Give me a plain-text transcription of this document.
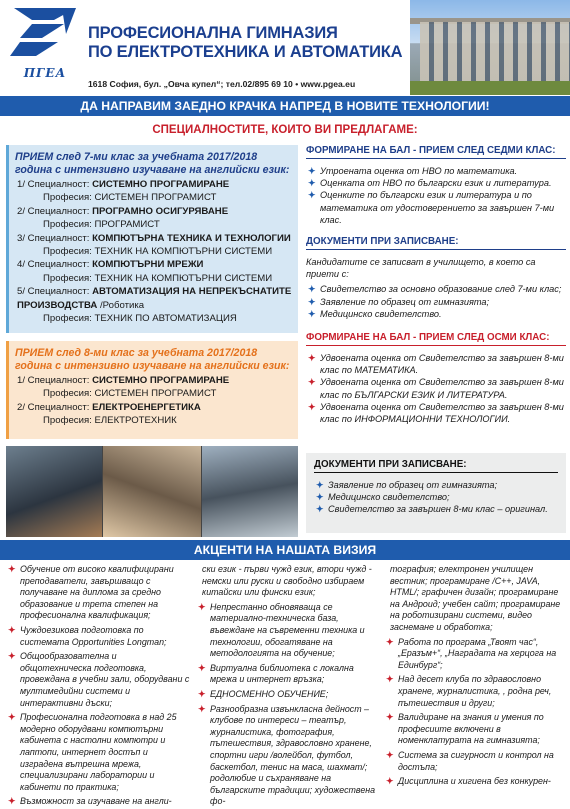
ПГЕА
ПРОФЕСИОНАЛНА ГИМНАЗИЯ
ПО ЕЛЕКТРОТЕХНИКА И АВТОМАТИКА
1618 София, бул. „Овча купел“; тел.02/895 69 10 • www.pgea.eu
ДА НАПРАВИМ ЗАЕДНО КРАЧКА НАПРЕД В НОВИТЕ ТЕХНОЛОГИИ!
СПЕЦИАЛНОСТИТЕ, КОИТО ВИ ПРЕДЛАГАМЕ:
ПРИЕМ след 7-ми клас за учебната 2017/2018 година с интензивно изучаване на английски език:
1/ Специалност: СИСТЕМНО ПРОГРАМИРАНЕ
Професия: СИСТЕМЕН ПРОГРАМИСТ
2/ Специалност: ПРОГРАМНО ОСИГУРЯВАНЕ
Професия: ПРОГРАМИСТ
3/ Специалност: КОМПЮТЪРНА ТЕХНИКА И ТЕХНОЛОГИИ
Професия: ТЕХНИК НА КОМПЮТЪРНИ СИСТЕМИ
4/ Специалност: КОМПЮТЪРНИ МРЕЖИ
Професия: ТЕХНИК НА КОМПЮТЪРНИ СИСТЕМИ
5/ Специалност: АВТОМАТИЗАЦИЯ НА НЕПРЕКЪСНАТИТЕ ПРОИЗВОДСТВА /Роботика
Професия: ТЕХНИК ПО АВТОМАТИЗАЦИЯ
ПРИЕМ след 8-ми клас за учебната 2017/2018 година с интензивно изучаване на английски език:
1/ Специалност: СИСТЕМНО ПРОГРАМИРАНЕ
Професия: СИСТЕМЕН ПРОГРАМИСТ
2/ Специалност: ЕЛЕКТРОЕНЕРГЕТИКА
Професия: ЕЛЕКТРОТЕХНИК
ФОРМИРАНЕ НА БАЛ - ПРИЕМ СЛЕД СЕДМИ КЛАС:
✦ Утроената оценка от НВО по математика.
✦ Оценката от НВО по български език и литература.
✦ Оценките по български език и литература и по математика от удостоверението за завършен 7-ми клас.
ДОКУМЕНТИ ПРИ ЗАПИСВАНЕ:
Кандидатите се записват в училището, в което са приети с:
✦ Свидетелство за основно образование след 7-ми клас;
✦ Заявление по образец от гимназията;
✦ Медицинско свидетелство.
ФОРМИРАНЕ НА БАЛ - ПРИЕМ СЛЕД ОСМИ КЛАС:
✦ Удвоената оценка от Свидетелство за завършен 8-ми клас по МАТЕМАТИКА.
✦ Удвоената оценка от Свидетелство за завършен 8-ми клас по БЪЛГАРСКИ ЕЗИК И ЛИТЕРАТУРА.
✦ Удвоената оценка от Свидетелство за завършен 8-ми клас по ИНФОРМАЦИОННИ ТЕХНОЛОГИИ.
ДОКУМЕНТИ ПРИ ЗАПИСВАНЕ:
✦ Заявление по образец от гимназията;
✦ Медицинско свидетелство;
✦ Свидетелство за завършен 8-ми клас – оригинал.
АКЦЕНТИ НА НАШАТА ВИЗИЯ
✦ Обучение от високо квалифицирани преподаватели, завършващо с получаване на диплома за средно образование и трета степен на професионална квалификация;
✦ Чуждоезикова подготовка по системата Opportunities Longman;
✦ Общообразователна и общотехническа подготовка, провеждана в учебни зали, оборудвани с мултимедийни системи и интерактивни дъски;
✦ Професионална подготовка в над 25 модерно оборудвани компютърни кабинета с настолни компютри и лаптопи, интернет достъп и изградена вътрешна мрежа, специализирани лаборатории и кабинети по практика;
✦ Възможност за изучаване на англи-
ски език - първи чужд език, втори чужд - немски или руски и свободно избираем китайски или фински език;
✦ Непрестанно обновяваща се материално-техническа база, въвеждане на съвременни техника и технологии, обогатяване на методологията на обучение;
✦ Виртуална библиотека с локална мрежа и интернет връзка;
✦ ЕДНОСМЕННО ОБУЧЕНИЕ;
✦ Разнообразна извънкласна дейност – клубове по интереси – театър, журналистика, фотография, пътешествия, здравословно хранене, спортни игри /волейбол, футбол, баскетбол, тенис на маса, шахмат/; родолюбие и съхраняване на българските традиции; художествена фо-
тография; електронен училищен вестник; програмиране /C++, JAVA, HTML/; графичен дизайн; програмиране на Андроид; учебен сайт; програмиране на роботизирани системи, видео заснемане и обработка;
✦ Работа по програма „Твоят час“, „Еразъм+“, „Наградата на херцога на Единбург“;
✦ Над десет клуба по здравословно хранене, журналистика, , родна реч, пътешествия и други;
✦ Валидиране на знания и умения по професиите включени в номенклатурата на гимназията;
✦ Система за сигурност и контрол на достъпа;
✦ Дисциплина и хигиена без конкурен-
